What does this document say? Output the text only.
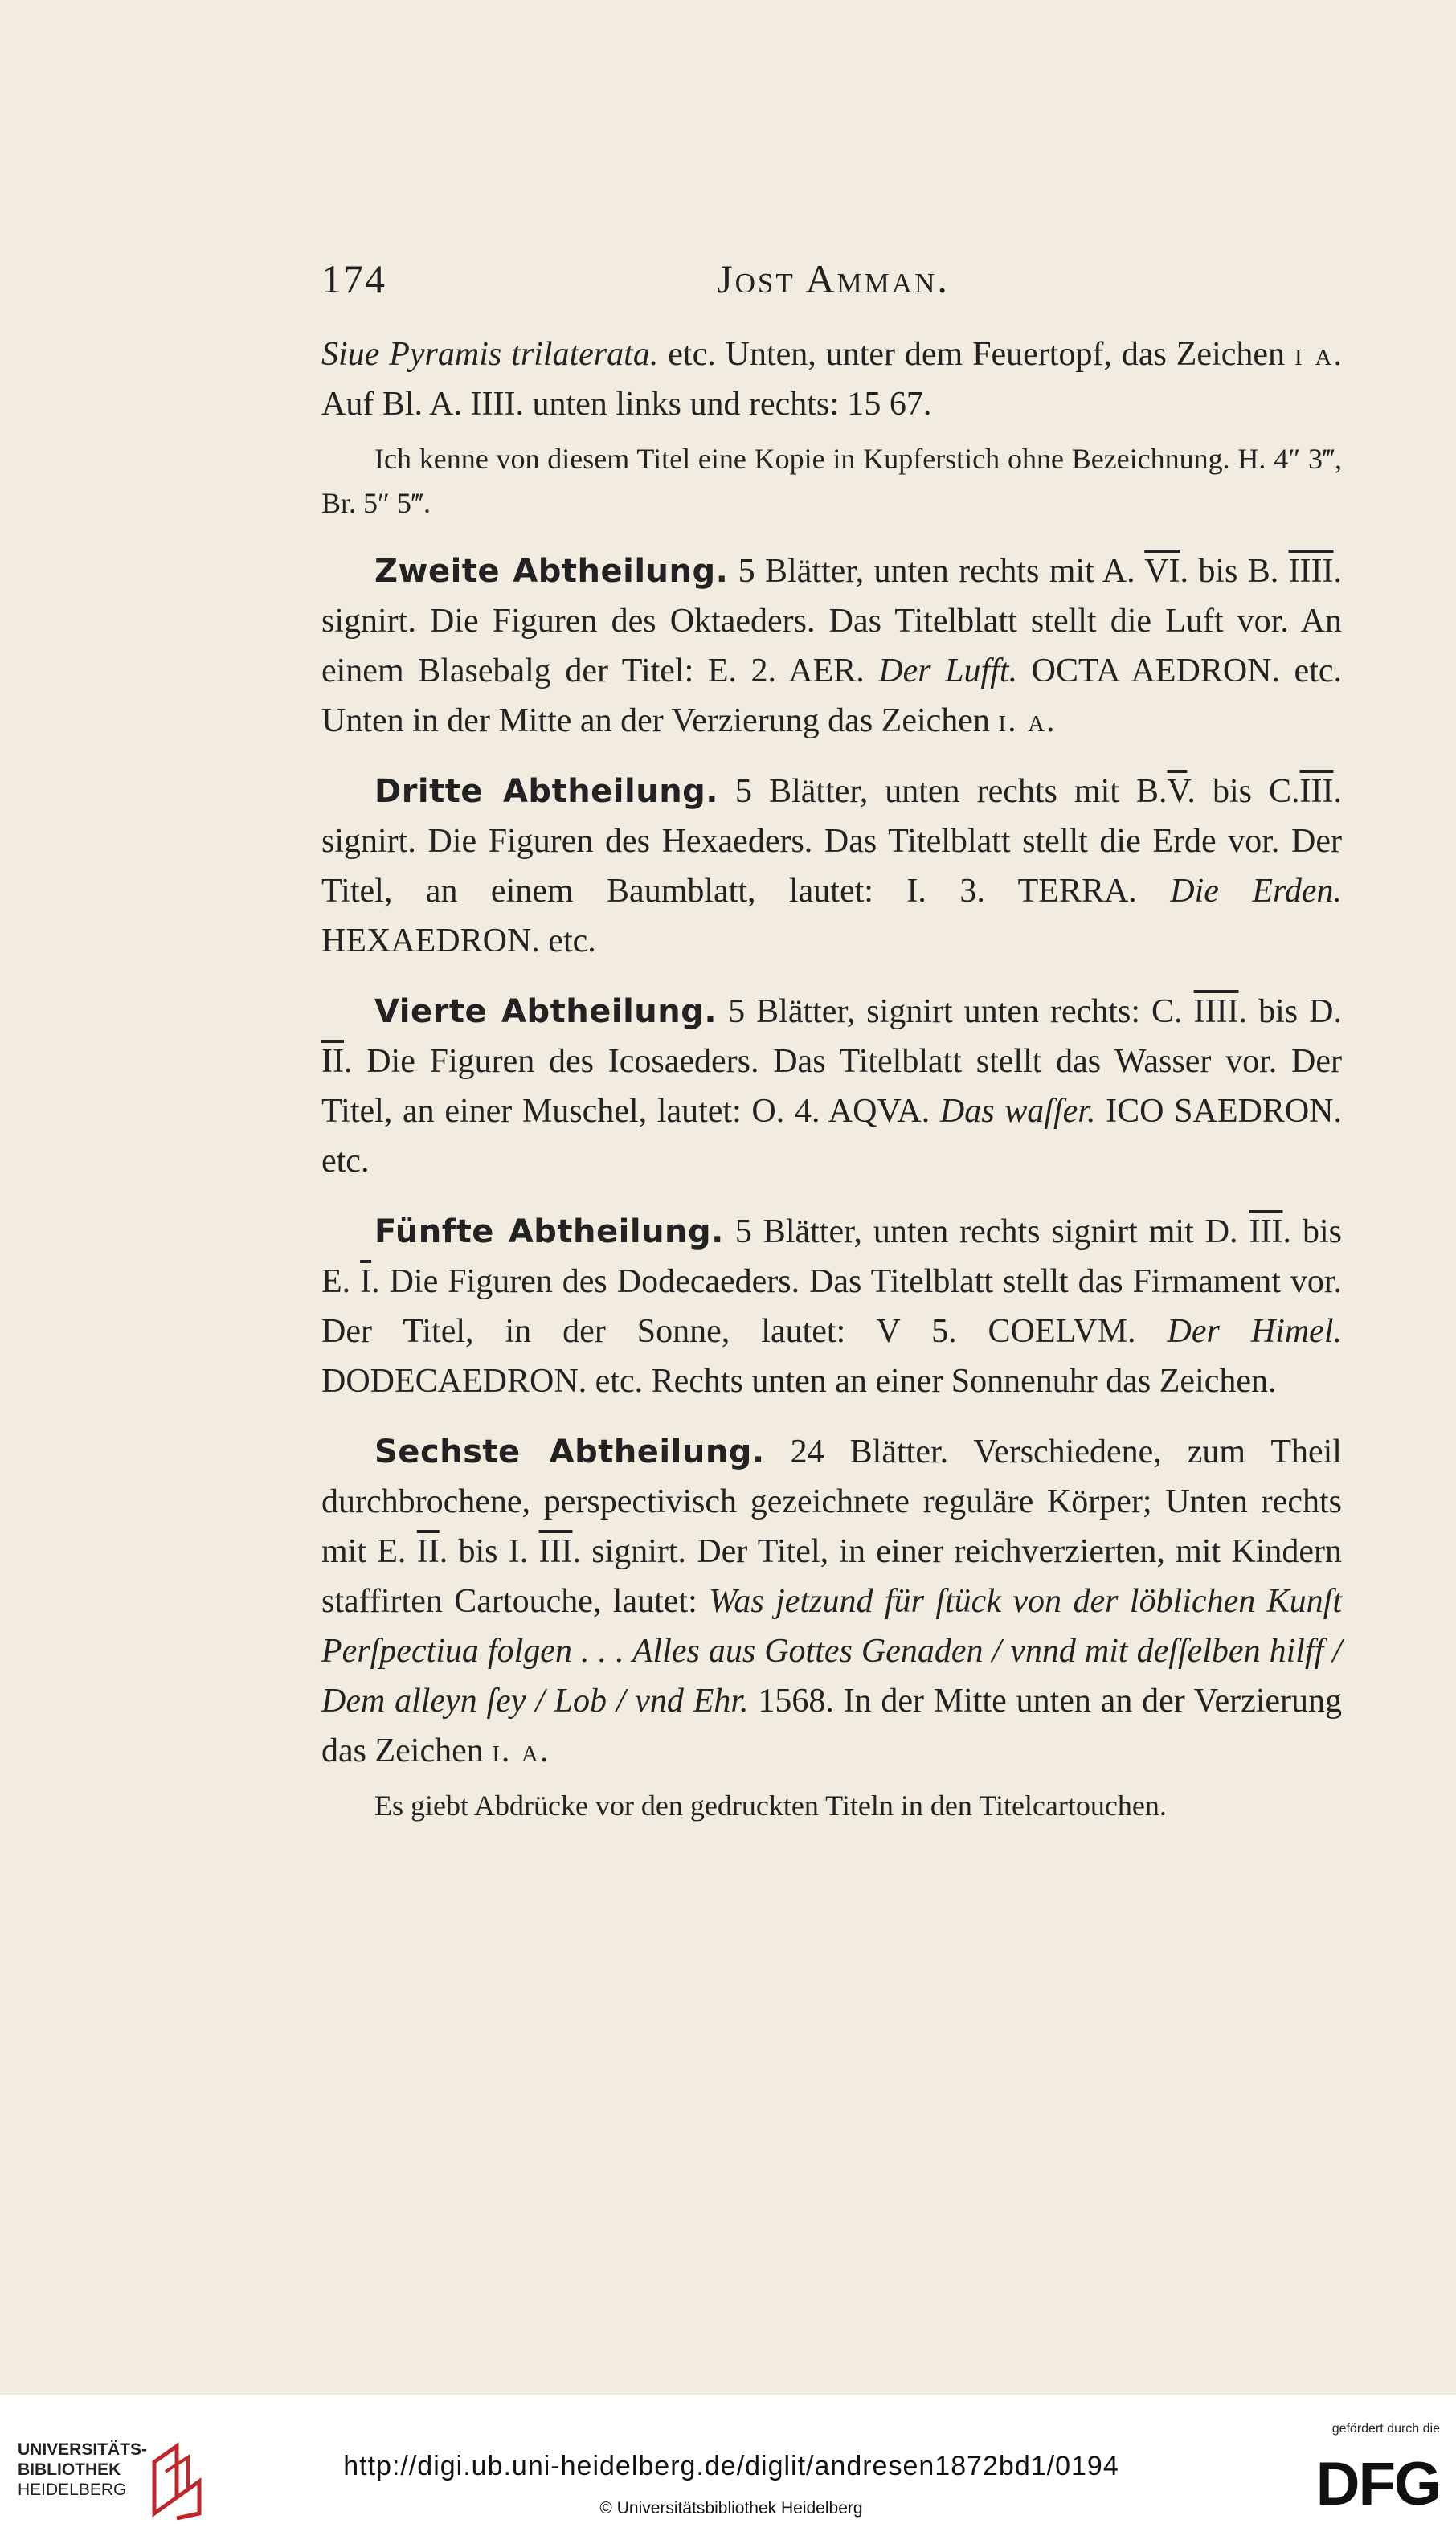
174	Jost Amman.

Siue Pyramis trilaterata. etc. Unten, unter dem Feuertopf, das Zeichen i a. Auf Bl. A. IIII. unten links und rechts: 15 67.

Ich kenne von diesem Titel eine Kopie in Kupferstich ohne Bezeichnung. H. 4″ 3‴, Br. 5″ 5‴.

Zweite Abtheilung. 5 Blätter, unten rechts mit A. $\overline{VI}$. bis B. IIII. signirt. Die Figuren des Oktaeders. Das Titelblatt stellt die Luft vor. An einem Blasebalg der Titel: E. 2. AER. Der Lufft. OCTA AEDRON. etc. Unten in der Mitte an der Verzierung das Zeichen i. a.

Dritte Abtheilung. 5 Blätter, unten rechts mit $B.\overline{V}$. bis $C.\overline{III}$. signirt. Die Figuren des Hexaeders. Das Titelblatt stellt die Erde vor. Der Titel, an einem Baumblatt, lautet: I. 3. TERRA. Die Erden. HEXAEDRON. etc.

Vierte Abtheilung. 5 Blätter, signirt unten rechts: C. IIII. bis D. $\overline{II}$. Die Figuren des Icosaeders. Das Titelblatt stellt das Wasser vor. Der Titel, an einer Muschel, lautet: O. 4. AQVA. Das waſſer. ICO SAEDRON. etc.

Fünfte Abtheilung. 5 Blätter, unten rechts signirt mit D. $\overline{III}$. bis E. $\overline{I}$. Die Figuren des Dodecaeders. Das Titelblatt stellt das Firmament vor. Der Titel, in der Sonne, lautet: V 5. COELVM. Der Himel. DODECAEDRON. etc. Rechts unten an einer Sonnenuhr das Zeichen.

Sechste Abtheilung. 24 Blätter. Verschiedene, zum Theil durchbrochene, perspectivisch gezeichnete reguläre Körper; Unten rechts mit E. $\overline{II}$. bis I. $\overline{III}$. signirt. Der Titel, in einer reichverzierten, mit Kindern staffirten Cartouche, lautet: Was jetzund für ſtück von der löblichen Kunſt Perſpectiua folgen . . . Alles aus Gottes Genaden / vnnd mit deſſelben hilff / Dem alleyn ſey / Lob / vnd Ehr. 1568. In der Mitte unten an der Verzierung das Zeichen i. a.

Es giebt Abdrücke vor den gedruckten Titeln in den Titelcartouchen.

UNIVERSITÄTS-
BIBLIOTHEK
HEIDELBERG
http://digi.ub.uni-heidelberg.de/diglit/andresen1872bd1/0194
© Universitätsbibliothek Heidelberg
gefördert durch die
DFG
